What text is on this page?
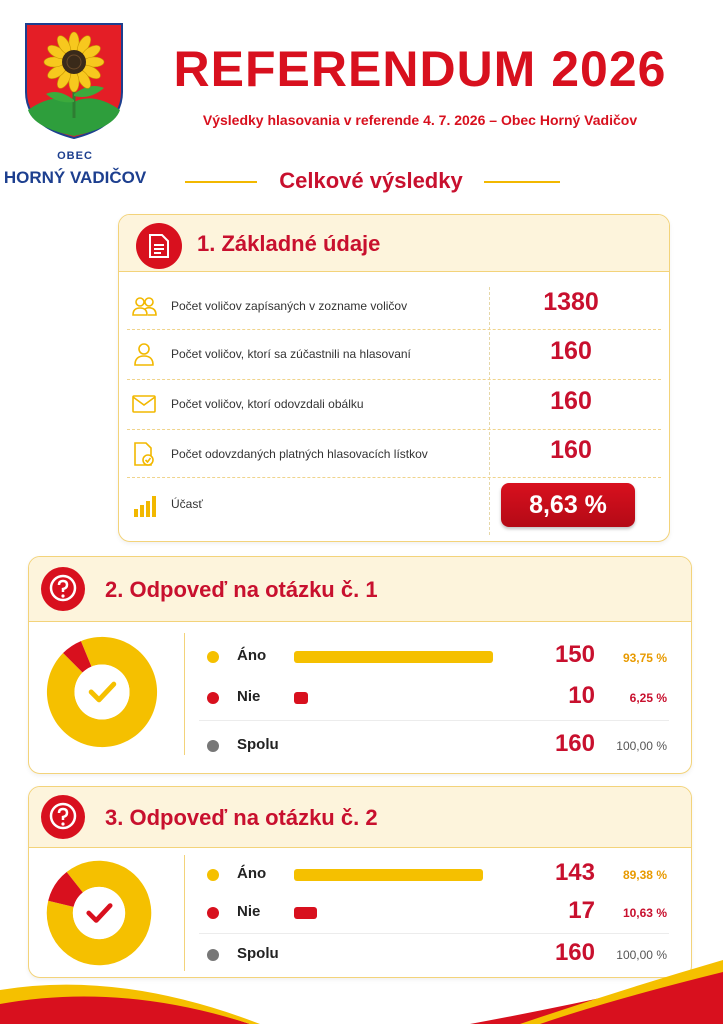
OBEC
HORNÝ VADIČOV
REFERENDUM 2026
Výsledky hlasovania v referende 4. 7. 2026 – Obec Horný Vadičov
Celkové výsledky
1. Základné údaje
Počet voličov zapísaných v zozname voličov	1380
Počet voličov, ktorí sa zúčastnili na hlasovaní	160
Počet voličov, ktorí odovzdali obálku	160
Počet odovzdaných platných hlasovacích lístkov	160
Účasť	8,63 %
2. Odpoveď na otázku č. 1
Áno	150	93,75 %
Nie	10	6,25 %
Spolu	160	100,00 %
3. Odpoveď na otázku č. 2
Áno	143	89,38 %
Nie	17	10,63 %
Spolu	160	100,00 %
